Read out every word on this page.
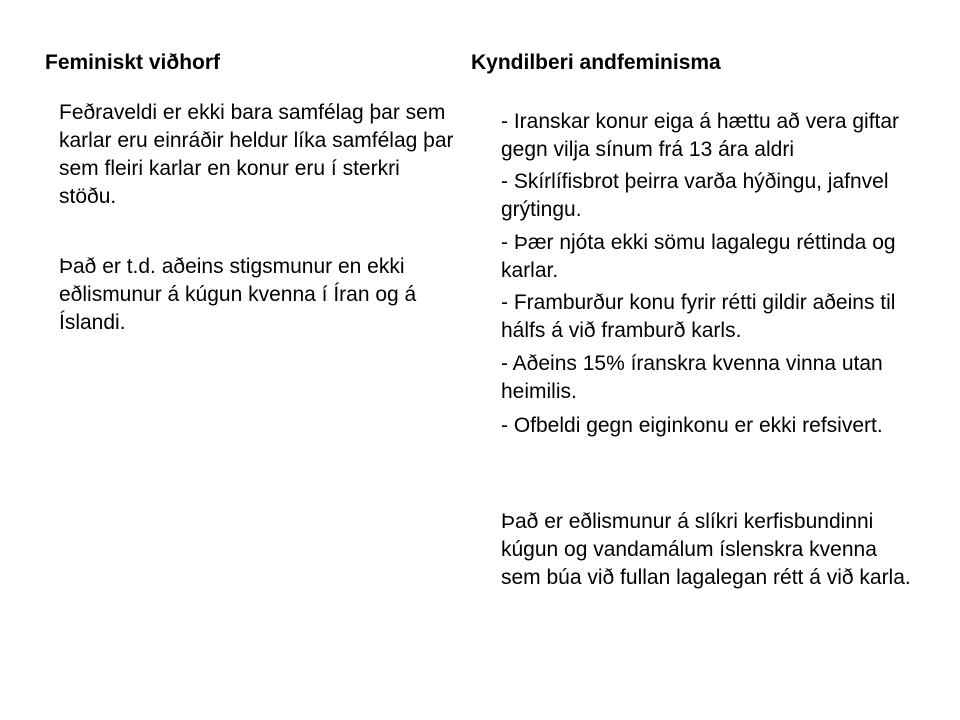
Feminiskt viðhorf

Feðraveldi er ekki bara samfélag þar sem karlar eru einráðir heldur líka samfélag þar sem fleiri karlar en konur eru í sterkri stöðu.

Það er t.d. aðeins stigsmunur en ekki eðlismunur á kúgun kvenna í Íran og á Íslandi.

Kyndilberi andfeminisma

- Iranskar konur eiga á hættu að vera giftar gegn vilja sínum frá 13 ára aldri

- Skírlífisbrot þeirra varða hýðingu, jafnvel grýtingu.

- Þær njóta ekki sömu lagalegu réttinda og karlar.

- Framburður konu fyrir rétti gildir aðeins til hálfs á við framburð karls.

- Aðeins 15% íranskra kvenna vinna utan heimilis.

- Ofbeldi gegn eiginkonu er ekki refsivert.

Það er eðlismunur á slíkri kerfisbundinni kúgun og vandamálum íslenskra kvenna sem búa við fullan lagalegan rétt á við karla.
